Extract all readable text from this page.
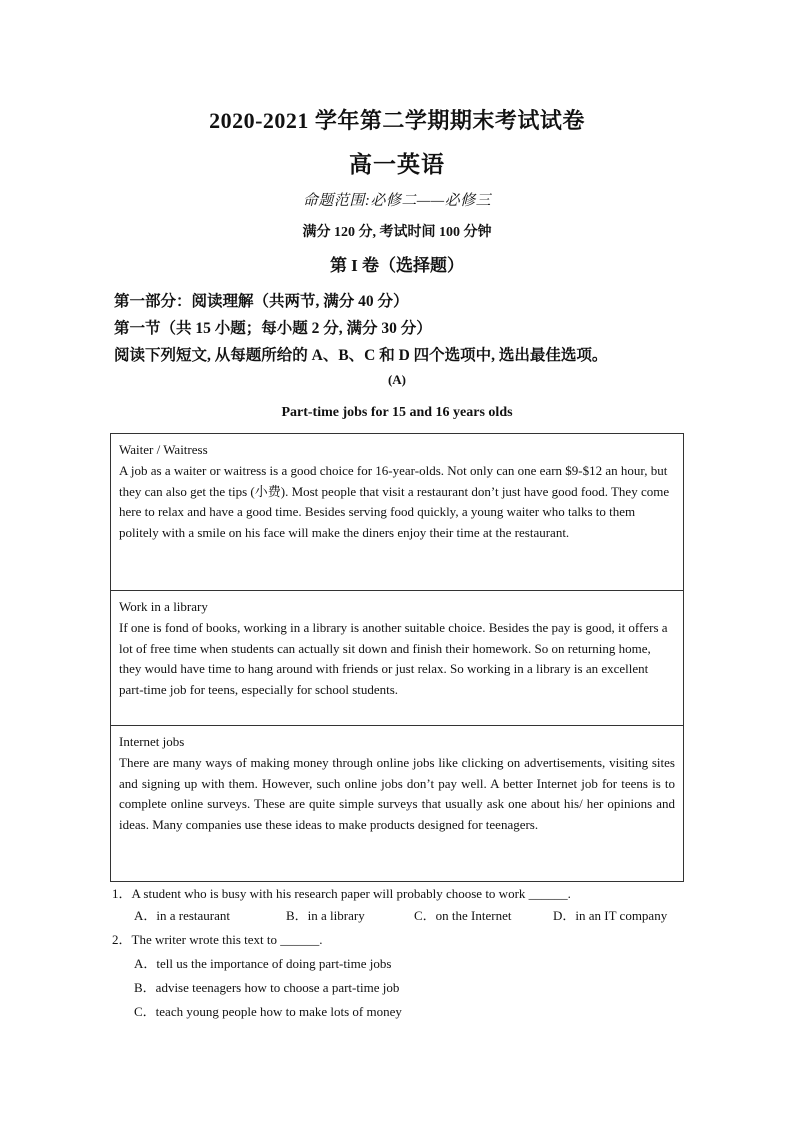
2020-2021 学年第二学期期末考试试卷
高一英语
命题范围:必修二——必修三
满分 120 分, 考试时间 100 分钟
第 I 卷（选择题）
第一部分：阅读理解（共两节, 满分 40 分）
第一节（共 15 小题；每小题 2 分, 满分 30 分）
阅读下列短文, 从每题所给的 A、B、C 和 D 四个选项中, 选出最佳选项。
(A)
Part-time jobs for 15 and 16 years olds

Waiter / Waitress

A job as a waiter or waitress is a good choice for 16-year-olds. Not only can one earn $9-$12 an hour, but they can also get the tips (小费). Most people that visit a restaurant don’t just have good food. They come here to relax and have a good time. Besides serving food quickly, a young waiter who talks to them politely with a smile on his face will make the diners enjoy their time at the restaurant.

Work in a library

If one is fond of books, working in a library is another suitable choice. Besides the pay is good, it offers a lot of free time when students can actually sit down and finish their homework. So on returning home, they would have time to hang around with friends or just relax. So working in a library is an excellent part-time job for teens, especially for school students.

Internet jobs

There are many ways of making money through online jobs like clicking on advertisements, visiting sites and signing up with them. However, such online jobs don’t pay well. A better Internet job for teens is to complete online surveys. These are quite simple surveys that usually ask one about his/ her opinions and ideas. Many companies use these ideas to make products designed for teenagers.

1．A student who is busy with his research paper will probably choose to work ______.
A．in a restaurant	B．in a library	C．on the Internet	D．in an IT company
2．The writer wrote this text to ______.
A．tell us the importance of doing part-time jobs
B．advise teenagers how to choose a part-time job
C．teach young people how to make lots of money
